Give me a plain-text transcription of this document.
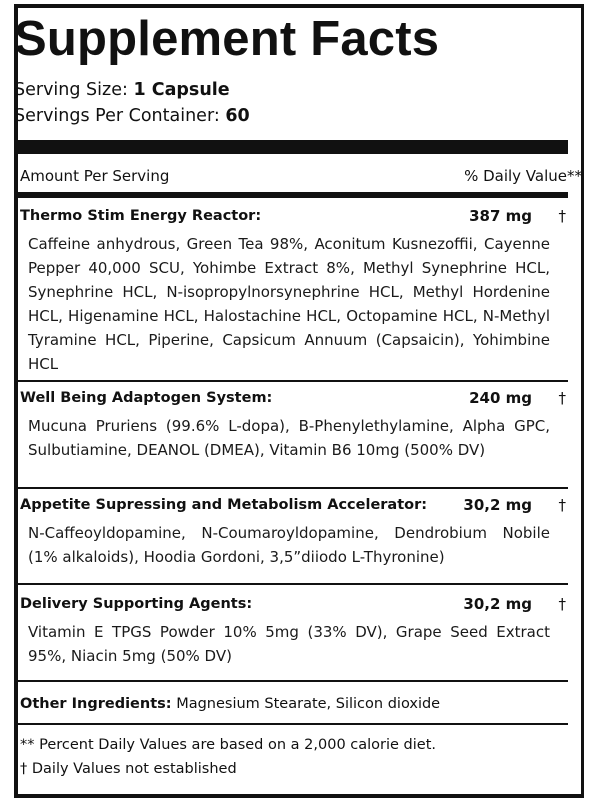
Supplement Facts
Serving Size: 1 Capsule
Servings Per Container: 60
Amount Per Serving	% Daily Value**
Thermo Stim Energy Reactor:	387 mg †
Caffeine anhydrous, Green Tea 98%, Aconitum Kusnezoffii, Cayenne Pepper 40,000 SCU, Yohimbe Extract 8%, Methyl Synephrine HCL, Synephrine HCL, N-isopropylnorsynephrine HCL, Methyl Hordenine HCL, Higenamine HCL, Halostachine HCL, Octopamine HCL, N-Methyl Tyramine HCL, Piperine, Capsicum Annuum (Capsaicin), Yohimbine HCL
Well Being Adaptogen System:	240 mg †
Mucuna Pruriens (99.6% L-dopa), B-Phenylethylamine, Alpha GPC, Sulbutiamine, DEANOL (DMEA), Vitamin B6 10mg (500% DV)
Appetite Supressing and Metabolism Accelerator: 30,2 mg †
N-Caffeoyldopamine, N-Coumaroyldopamine, Dendrobium Nobile (1% alkaloids), Hoodia Gordoni, 3,5”diiodo L-Thyronine)
Delivery Supporting Agents:	30,2 mg †
Vitamin E TPGS Powder 10% 5mg (33% DV), Grape Seed Extract 95%, Niacin 5mg (50% DV)
Other Ingredients: Magnesium Stearate, Silicon dioxide
** Percent Daily Values are based on a 2,000 calorie diet.
† Daily Values not established
